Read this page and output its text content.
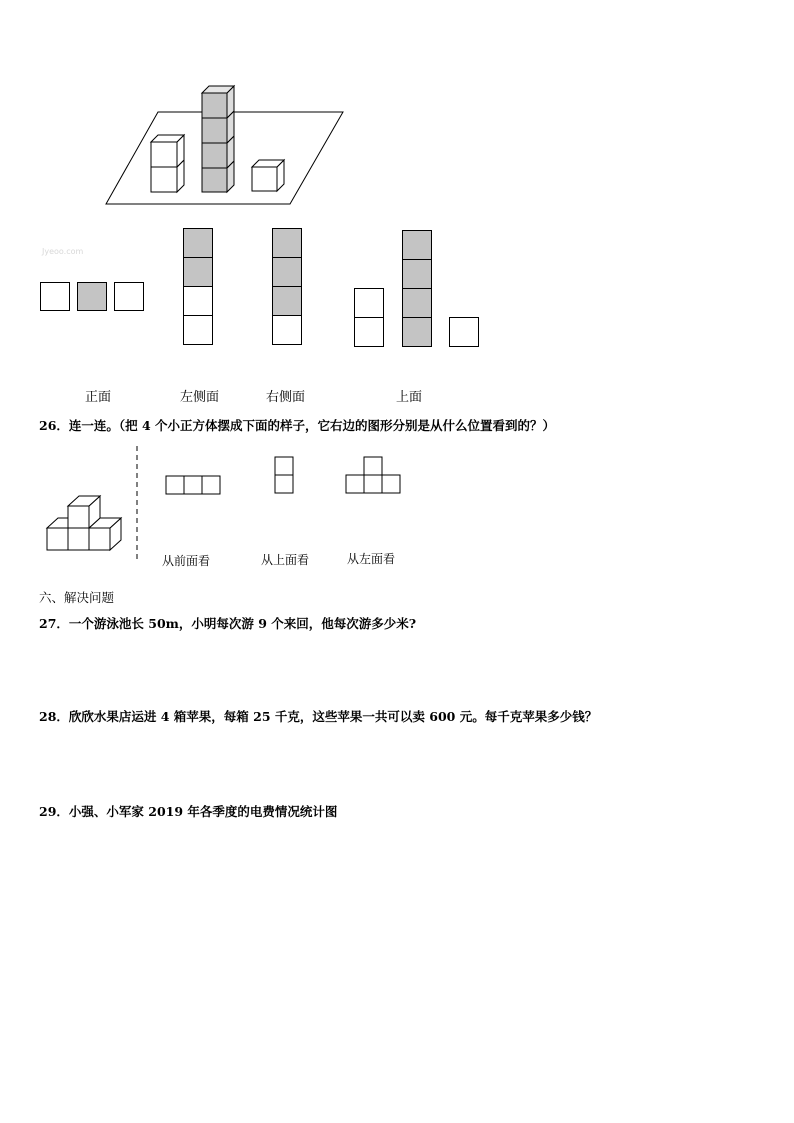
Jyeoo.com
正面	左侧面	右侧面	上面
26．连一连。（把 4 个小正方体摆成下面的样子，它右边的图形分别是从什么位置看到的？）
从前面看	从上面看	从左面看
六、解决问题
27．一个游泳池长 50m，小明每次游 9 个来回，他每次游多少米?
28．欣欣水果店运进 4 箱苹果，每箱 25 千克，这些苹果一共可以卖 600 元。每千克苹果多少钱？
29．小强、小军家 2019 年各季度的电费情况统计图
